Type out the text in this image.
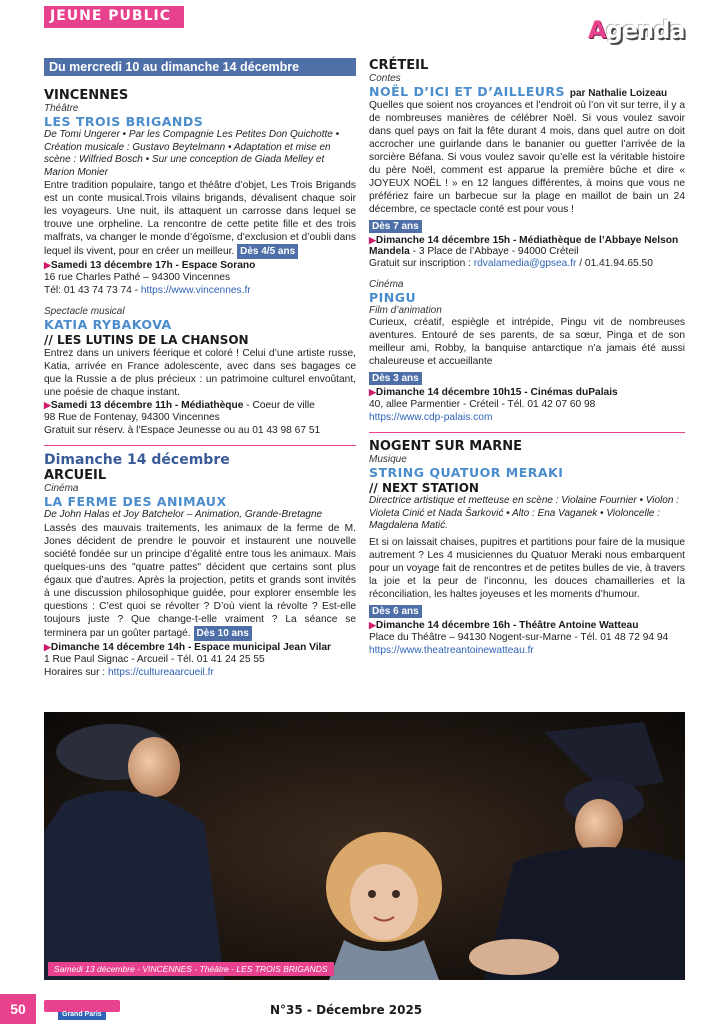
JEUNE PUBLIC	Agenda
Du mercredi 10 au dimanche 14 décembre
VINCENNES
Théâtre
LES TROIS BRIGANDS
De Tomi Ungerer • Par les Compagnie Les Petites Don Quichotte • Création musicale : Gustavo Beytelmann • Adaptation et mise en scène : Wilfried Bosch • Sur une conception de Giada Melley et Marion Monier
Entre tradition populaire, tango et théâtre d’objet, Les Trois Brigands est un conte musical.Trois vilains brigands, dévalisent chaque soir les voyageurs. Une nuit, ils attaquent un carrosse dans lequel se trouve une orpheline. La rencontre de cette petite fille et des trois malfrats, va changer le monde d’égoïsme, d’exclusion et d’oubli dans lequel ils vivent, pour en créer un meilleur. Dès 4/5 ans
▶Samedi 13 décembre 17h - Espace Sorano
16 rue Charles Pathé – 94300 Vincennes
Tél: 01 43 74 73 74 - https://www.vincennes.fr
Spectacle musical
KATIA RYBAKOVA
// LES LUTINS DE LA CHANSON
Entrez dans un univers féerique et coloré ! Celui d’une artiste russe, Katia, arrivée en France adolescente, avec dans ses bagages ce que la Russie a de plus précieux : un patrimoine culturel envoûtant, une poésie de chaque instant.
▶Samedi 13 décembre 11h - Médiathèque - Coeur de ville
98 Rue de Fontenay, 94300 Vincennes
Gratuit sur réserv. à l’Espace Jeunesse ou au 01 43 98 67 51
Dimanche 14 décembre
ARCUEIL
Cinéma
LA FERME DES ANIMAUX
De John Halas et Joy Batchelor – Animation, Grande-Bretagne
Lassés des mauvais traitements, les animaux de la ferme de M. Jones décident de prendre le pouvoir et instaurent une nouvelle société fondée sur un principe d’égalité entre tous les animaux. Mais quelques-uns des "quatre pattes" décident que certains sont plus égaux que d’autres. Après la projection, petits et grands sont invités à une discussion philosophique guidée, pour explorer ensemble les questions : C’est quoi se révolter ? D’où vient la révolte ? Est-elle toujours juste ? Que change-t-elle vraiment ? La séance se terminera par un goûter partagé. Dès 10 ans
▶Dimanche 14 décembre 14h - Espace municipal Jean Vilar
1 Rue Paul Signac - Arcueil - Tél. 01 41 24 25 55
Horaires sur : https://cultureaarcueil.fr
CRÉTEIL
Contes
NOËL D’ICI ET D’AILLEURS par Nathalie Loizeau
Quelles que soient nos croyances et l’endroit où l’on vit sur terre, il y a de nombreuses manières de célébrer Noël. Si vous voulez savoir dans quel pays on fait la fête durant 4 mois, dans quel autre on doit accrocher une guirlande dans le bananier ou guetter l’arrivée de la sorcière Béfana. Si vous voulez savoir qu’elle est la véritable histoire du père Noël, comment est apparue la première bûche et dire « JOYEUX NOËL ! » en 12 langues différentes, à moins que vous ne préfériez faire un barbecue sur la plage en maillot de bain un 24 décembre, ce spectacle conté est pour vous !
Dès 7 ans
▶Dimanche 14 décembre 15h - Médiathèque de l’Abbaye Nelson Mandela - 3 Place de l’Abbaye - 94000 Créteil
Gratuit sur inscription : rdvalamedia@gpsea.fr / 01.41.94.65.50
Cinéma
PINGU
Film d’animation
Curieux, créatif, espiègle et intrépide, Pingu vit de nombreuses aventures. Entouré de ses parents, de sa sœur, Pinga et de son meilleur ami, Robby, la banquise antarctique n’a jamais été aussi chaleureuse et accueillante
Dès 3 ans
▶Dimanche 14 décembre 10h15 - Cinémas duPalais
40, allee Parmentier - Créteil - Tél. 01 42 07 60 98
https://www.cdp-palais.com
NOGENT SUR MARNE
Musique
STRING QUATUOR MERAKI
// NEXT STATION
Directrice artistique et metteuse en scène : Violaine Fournier • Violon : Violeta Cinić et Nada Šarković • Alto : Ena Vaganek • Violoncelle : Magdalena Matić.
Et si on laissait chaises, pupitres et partitions pour faire de la musique autrement ? Les 4 musiciennes du Quatuor Meraki nous embarquent pour un voyage fait de rencontres et de petites bulles de vie, à travers la joie et la peur de l’inconnu, les douces chamailleries et la réconciliation, les haltes joyeuses et les moments d’humour.
Dès 6 ans
▶Dimanche 14 décembre 16h - Théâtre Antoine Watteau
Place du Théâtre – 94130 Nogent-sur-Marne - Tél. 01 48 72 94 94
https://www.theatreantoinewatteau.fr
Samedi 13 décembre - VINCENNES - Théâtre - LES TROIS BRIGANDS
50	Grand Paris	N°35 - Décembre 2025
